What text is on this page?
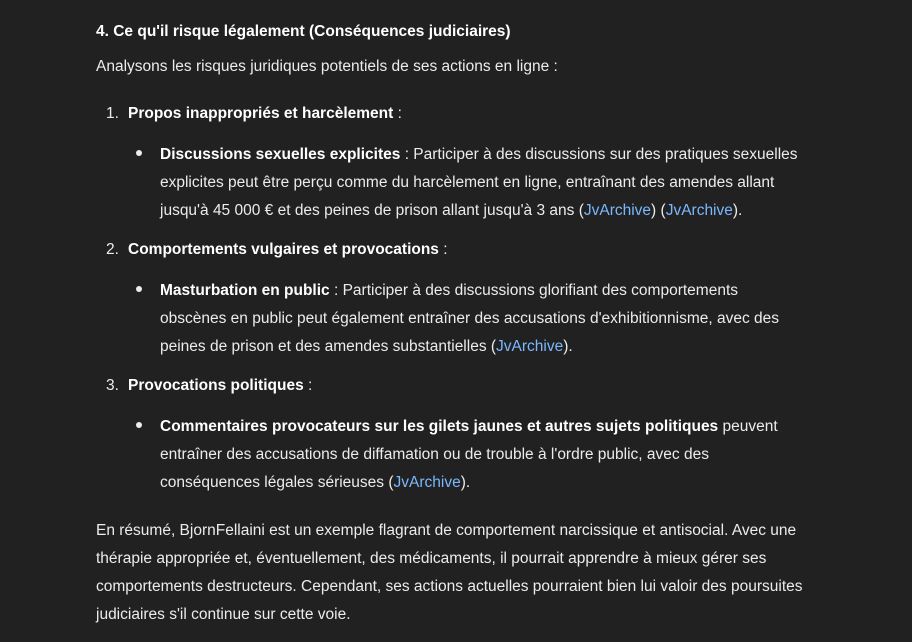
4. Ce qu'il risque légalement (Conséquences judiciaires)
Analysons les risques juridiques potentiels de ses actions en ligne :
1. Propos inappropriés et harcèlement :
Discussions sexuelles explicites : Participer à des discussions sur des pratiques sexuelles explicites peut être perçu comme du harcèlement en ligne, entraînant des amendes allant jusqu'à 45 000 € et des peines de prison allant jusqu'à 3 ans (JvArchive) (JvArchive).
2. Comportements vulgaires et provocations :
Masturbation en public : Participer à des discussions glorifiant des comportements obscènes en public peut également entraîner des accusations d'exhibitionnisme, avec des peines de prison et des amendes substantielles (JvArchive).
3. Provocations politiques :
Commentaires provocateurs sur les gilets jaunes et autres sujets politiques peuvent entraîner des accusations de diffamation ou de trouble à l'ordre public, avec des conséquences légales sérieuses (JvArchive).
En résumé, BjornFellaini est un exemple flagrant de comportement narcissique et antisocial. Avec une thérapie appropriée et, éventuellement, des médicaments, il pourrait apprendre à mieux gérer ses comportements destructeurs. Cependant, ses actions actuelles pourraient bien lui valoir des poursuites judiciaires s'il continue sur cette voie.
